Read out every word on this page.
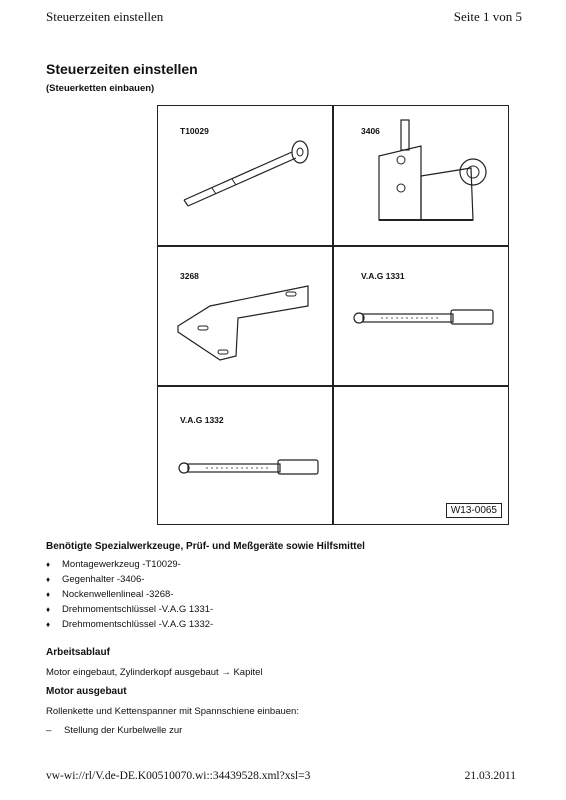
Steuerzeiten einstellen	Seite 1 von 5
Steuerzeiten einstellen
(Steuerketten einbauen)
T10029	3406
3268	V.A.G 1331
V.A.G 1332
W13-0065
Benötigte Spezialwerkzeuge, Prüf- und Meßgeräte sowie Hilfsmittel
♦ Montagewerkzeug -T10029-
♦ Gegenhalter -3406-
♦ Nockenwellenlineal -3268-
♦ Drehmomentschlüssel -V.A.G 1331-
♦ Drehmomentschlüssel -V.A.G 1332-
Arbeitsablauf
Motor eingebaut, Zylinderkopf ausgebaut → Kapitel
Motor ausgebaut
Rollenkette und Kettenspanner mit Spannschiene einbauen:
– Stellung der Kurbelwelle zur
vw-wi://rl/V.de-DE.K00510070.wi::34439528.xml?xsl=3	21.03.2011
